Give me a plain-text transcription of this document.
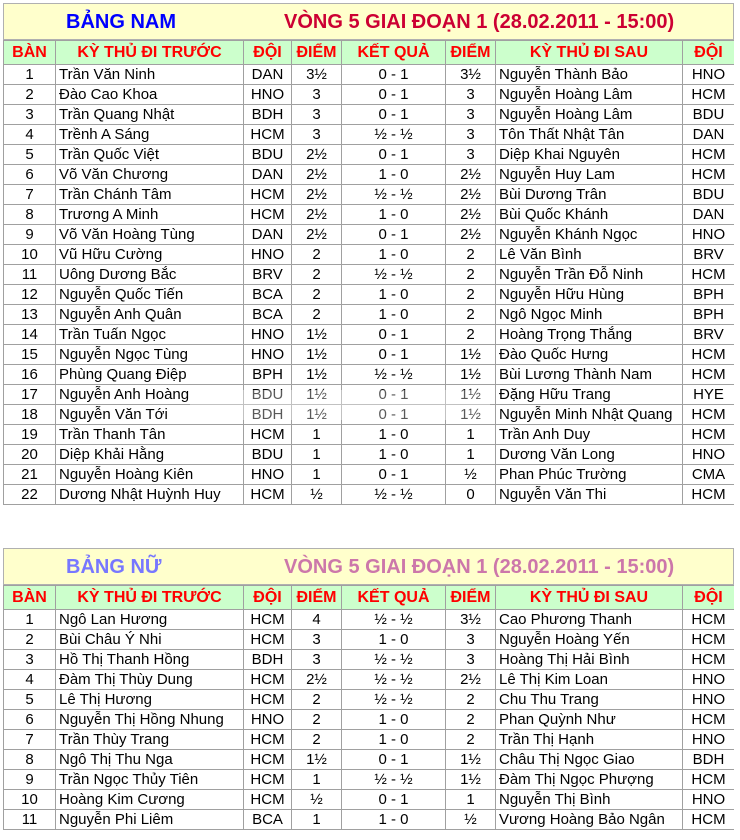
BẢNG NAM	VÒNG 5 GIAI ĐOẠN 1 (28.02.2011 - 15:00)
BÀN	KỲ THỦ ĐI TRƯỚC	ĐỘI	ĐIỂM	KẾT QUẢ	ĐIỂM	KỲ THỦ ĐI SAU	ĐỘI
1	Trần Văn Ninh	DAN	3½	0 - 1	3½	Nguyễn Thành Bảo	HNO
2	Đào Cao Khoa	HNO	3	0 - 1	3	Nguyễn Hoàng Lâm	HCM
3	Trần Quang Nhật	BDH	3	0 - 1	3	Nguyễn Hoàng Lâm	BDU
4	Trềnh A Sáng	HCM	3	½ - ½	3	Tôn Thất Nhật Tân	DAN
5	Trần Quốc Việt	BDU	2½	0 - 1	3	Diệp Khai Nguyên	HCM
6	Võ Văn Chương	DAN	2½	1 - 0	2½	Nguyễn Huy Lam	HCM
7	Trần Chánh Tâm	HCM	2½	½ - ½	2½	Bùi Dương Trân	BDU
8	Trương A Minh	HCM	2½	1 - 0	2½	Bùi Quốc Khánh	DAN
9	Võ Văn Hoàng Tùng	DAN	2½	0 - 1	2½	Nguyễn Khánh Ngọc	HNO
10	Vũ Hữu Cường	HNO	2	1 - 0	2	Lê Văn Bình	BRV
11	Uông Dương Bắc	BRV	2	½ - ½	2	Nguyễn Trần Đỗ Ninh	HCM
12	Nguyễn Quốc Tiến	BCA	2	1 - 0	2	Nguyễn Hữu Hùng	BPH
13	Nguyễn Anh Quân	BCA	2	1 - 0	2	Ngô Ngọc Minh	BPH
14	Trần Tuấn Ngọc	HNO	1½	0 - 1	2	Hoàng Trọng Thắng	BRV
15	Nguyễn Ngọc Tùng	HNO	1½	0 - 1	1½	Đào Quốc Hưng	HCM
16	Phùng Quang Điệp	BPH	1½	½ - ½	1½	Bùi Lương Thành Nam	HCM
17	Nguyễn Anh Hoàng	BDU	1½	0 - 1	1½	Đặng Hữu Trang	HYE
18	Nguyễn Văn Tới	BDH	1½	0 - 1	1½	Nguyễn Minh Nhật Quang	HCM
19	Trần Thanh Tân	HCM	1	1 - 0	1	Trần Anh Duy	HCM
20	Diệp Khải Hằng	BDU	1	1 - 0	1	Dương Văn Long	HNO
21	Nguyễn Hoàng Kiên	HNO	1	0 - 1	½	Phan Phúc Trường	CMA
22	Dương Nhật Huỳnh Huy	HCM	½	½ - ½	0	Nguyễn Văn Thi	HCM
BẢNG NỮ	VÒNG 5 GIAI ĐOẠN 1 (28.02.2011 - 15:00)
BÀN	KỲ THỦ ĐI TRƯỚC	ĐỘI	ĐIỂM	KẾT QUẢ	ĐIỂM	KỲ THỦ ĐI SAU	ĐỘI
1	Ngô Lan Hương	HCM	4	½ - ½	3½	Cao Phương Thanh	HCM
2	Bùi Châu Ý Nhi	HCM	3	1 - 0	3	Nguyễn Hoàng Yến	HCM
3	Hồ Thị Thanh Hồng	BDH	3	½ - ½	3	Hoàng Thị Hải Bình	HCM
4	Đàm Thị Thùy Dung	HCM	2½	½ - ½	2½	Lê Thị Kim Loan	HNO
5	Lê Thị Hương	HCM	2	½ - ½	2	Chu Thu Trang	HNO
6	Nguyễn Thị Hồng Nhung	HNO	2	1 - 0	2	Phan Quỳnh Như	HCM
7	Trần Thùy Trang	HCM	2	1 - 0	2	Trần Thị Hạnh	HNO
8	Ngô Thị Thu Nga	HCM	1½	0 - 1	1½	Châu Thị Ngọc Giao	BDH
9	Trần Ngọc Thủy Tiên	HCM	1	½ - ½	1½	Đàm Thị Ngọc Phượng	HCM
10	Hoàng Kim Cương	HCM	½	0 - 1	1	Nguyễn Thị Bình	HNO
11	Nguyễn Phi Liêm	BCA	1	1 - 0	½	Vương Hoàng Bảo Ngân	HCM
